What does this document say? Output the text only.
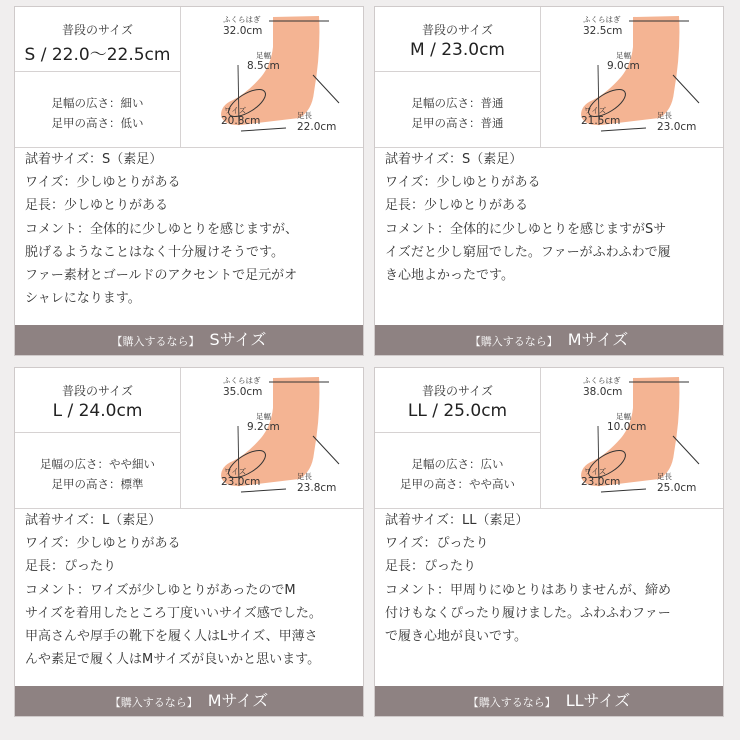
普段のサイズ
S / 22.0〜22.5cm
足幅の広さ：細い
足甲の高さ：低い
ふくらはぎ
32.0cm
足幅
8.5cm
ワイズ
20.8cm	足長
22.0cm
試着サイズ：S（素足）
ワイズ：少しゆとりがある
足長：少しゆとりがある
コメント：全体的に少しゆとりを感じますが、
脱げるようなことはなく十分履けそうです。
ファー素材とゴールドのアクセントで足元がオ
シャレになります。
【購入するなら】 Sサイズ
普段のサイズ
M / 23.0cm
足幅の広さ：普通
足甲の高さ：普通
ふくらはぎ
32.5cm
足幅
9.0cm
ワイズ
21.5cm	足長
23.0cm
試着サイズ：S（素足）
ワイズ：少しゆとりがある
足長：少しゆとりがある
コメント：全体的に少しゆとりを感じますがSサ
イズだと少し窮屈でした。ファーがふわふわで履
き心地よかったです。
【購入するなら】 Mサイズ
普段のサイズ
L / 24.0cm
足幅の広さ：やや細い
足甲の高さ：標準
ふくらはぎ
35.0cm
足幅
9.2cm
ワイズ
23.0cm	足長
23.8cm
試着サイズ：L（素足）
ワイズ：少しゆとりがある
足長：ぴったり
コメント：ワイズが少しゆとりがあったのでM
サイズを着用したところ丁度いいサイズ感でした。
甲高さんや厚手の靴下を履く人はLサイズ、甲薄さ
んや素足で履く人はMサイズが良いかと思います。
【購入するなら】 Mサイズ
普段のサイズ
LL / 25.0cm
足幅の広さ：広い
足甲の高さ：やや高い
ふくらはぎ
38.0cm
足幅
10.0cm
ワイズ
23.0cm	足長
25.0cm
試着サイズ：LL（素足）
ワイズ：ぴったり
足長：ぴったり
コメント：甲周りにゆとりはありませんが、締め
付けもなくぴったり履けました。ふわふわファー
で履き心地が良いです。
【購入するなら】 LLサイズ
